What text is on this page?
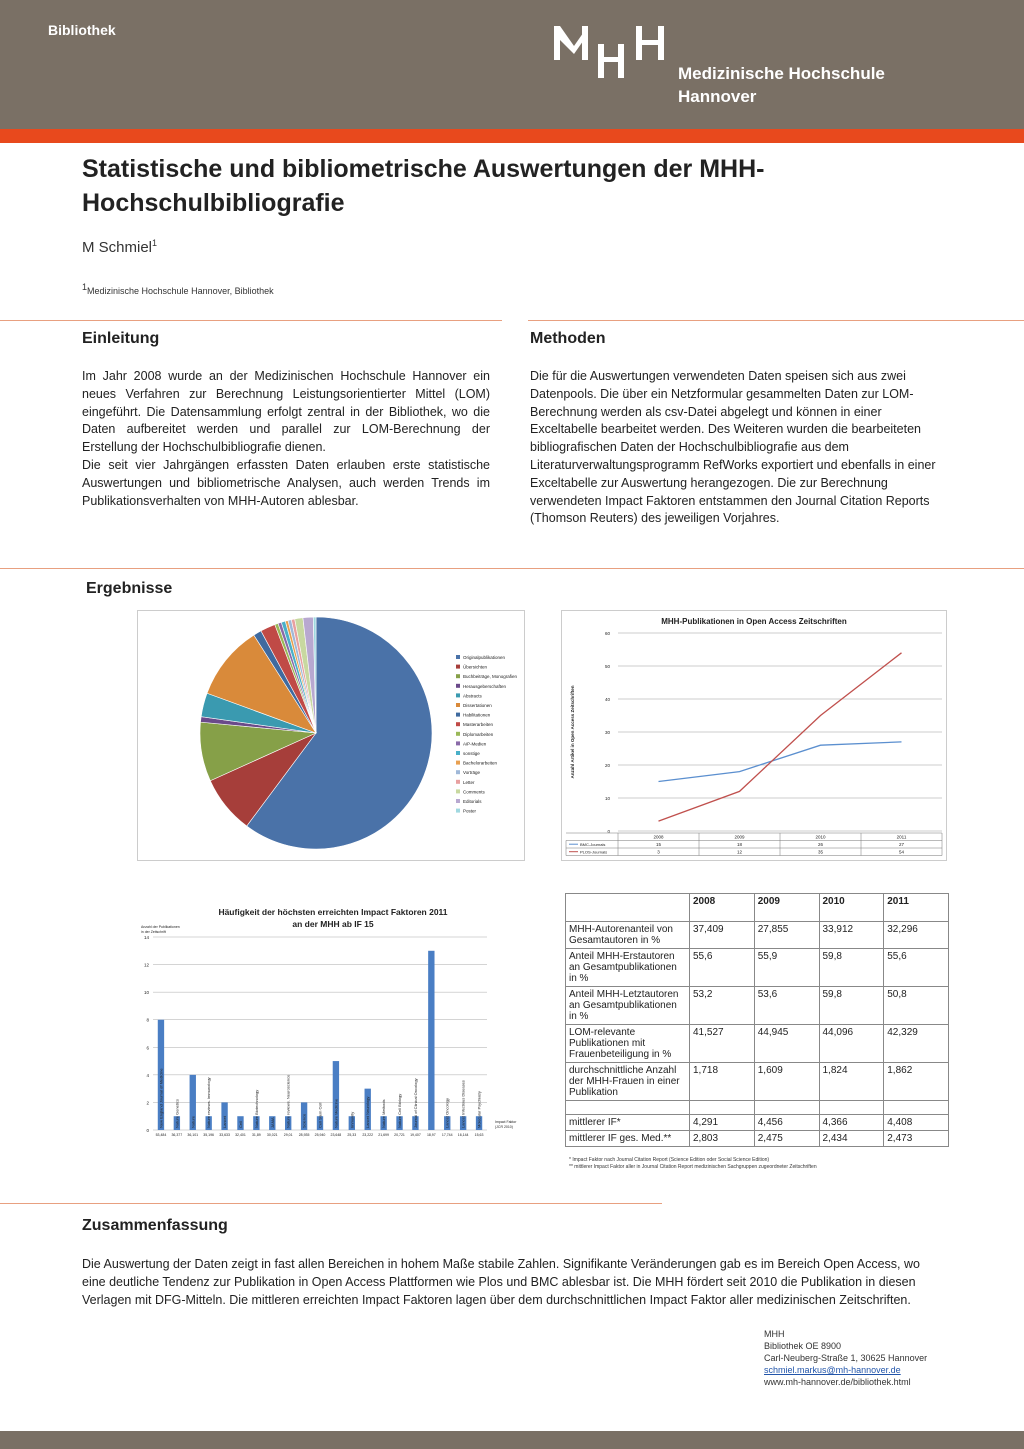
Bibliothek
Medizinische Hochschule
Hannover
Statistische und bibliometrische Auswertungen der MHH-Hochschulbibliografie
M Schmiel$^1$
$^1$Medizinische Hochschule Hannover, Bibliothek
Einleitung
Im Jahr 2008 wurde an der Medizinischen Hochschule Hannover ein neues Verfahren zur Berechnung Leistungsorientierter Mittel (LOM) eingeführt. Die Datensammlung erfolgt zentral in der Bibliothek, wo die Daten aufbereitet werden und parallel zur LOM-Berechnung der Erstellung der Hochschulbibliografie dienen.
Die seit vier Jahrgängen erfassten Daten erlauben erste statistische Auswertungen und bibliometrische Analysen, auch werden Trends im Publikationsverhalten von MHH-Autoren ablesbar.
Methoden
Die für die Auswertungen verwendeten Daten speisen sich aus zwei Datenpools. Die über ein Netzformular gesammelten Daten zur LOM-Berechnung werden als csv-Datei abgelegt und können in einer Exceltabelle bearbeitet werden. Des Weiteren wurden die bearbeiteten bibliografischen Daten der Hochschulbibliografie aus dem Literaturverwaltungsprogramm RefWorks exportiert und ebenfalls in einer Exceltabelle zur Auswertung herangezogen. Die zur Berechnung verwendeten Impact Faktoren entstammen den Journal Citation Reports (Thomson Reuters) des jeweiligen Vorjahres.
Ergebnisse
Originalpublikationen
Übersichten
Buchbeiträge, Monografien
Herausgeberschaften
Abstracts
Dissertationen
Habilitationen
Masterarbeiten
Diplomarbeiten
AiP-Medien
sonstige
Bachelorarbeiten
Vorträge
Letter
Comments
Editorials
Poster
MHH-Publikationen in Open Access Zeitschriften
0
10
20
30
40
50
60
Anzahl Artikel in Open Access Zeitschriften
2008	2009	2010	2011
BMC-Journals	15	18	26	27
PLOS-Journals	3	12	35	54
Häufigkeit der höchsten erreichten Impact Faktoren 2011
an der MHH ab IF 15
Anzahl der Publikationen
in der Zeitschrift
0
2
4
6
8
10
12
14
53,484
New England Journal of Medicine
36,377
Nature Genetics
36,101
Nature
35,196
Nature reviews. Immunology
33,633
Lancet
32,401
Cell
31,89
Nature Biotechnology
30,021
JAMA
29,01
Nature reviews. Neuroscience
28,935
Science
25,940
Cell Stem Cell
23,648
Nature Medicine
25,33
Immunity
23,222
Lancet Neurology
21,699
Nature Methods
20,721
Nature Cell Biology
19,407
Journal of Clinical Oncology
18,97 17,744
Lancet Oncology
16,144
Lancet Infectious Diseases
15,63
Molecular Psychiatry	Impact Faktor
(JCR 2010)
	2008	2009	2010	2011
MHH-Autorenanteil von Gesamtautoren in %	37,409	27,855	33,912	32,296
Anteil MHH-Erstautoren an Gesamtpublikationen in %	55,6	55,9	59,8	55,6
Anteil MHH-Letztautoren an Gesamtpublikationen in %	53,2	53,6	59,8	50,8
LOM-relevante Publikationen mit Frauenbeteiligung in %	41,527	44,945	44,096	42,329
durchschnittliche Anzahl der MHH-Frauen in einer Publikation	1,718	1,609	1,824	1,862

mittlerer IF*	4,291	4,456	4,366	4,408
mittlerer IF ges. Med.**	2,803	2,475	2,434	2,473
* Impact Faktor nach Journal Citation Report (Science Edition oder Social Science Edition)
** mittlerer Impact Faktor aller in Journal Citation Report medizinischen Sachgruppen zugeordneter Zeitschriften
Zusammenfassung
Die Auswertung der Daten zeigt in fast allen Bereichen in hohem Maße stabile Zahlen. Signifikante Veränderungen gab es im Bereich Open Access, wo eine deutliche Tendenz zur Publikation in Open Access Plattformen wie Plos und BMC ablesbar ist. Die MHH fördert seit 2010 die Publikation in diesen Verlagen mit DFG-Mitteln. Die mittleren erreichten Impact Faktoren lagen über dem durchschnittlichen Impact Faktor aller medizinischen Zeitschriften.
MHH
Bibliothek OE 8900
Carl-Neuberg-Straße 1, 30625 Hannover
schmiel.markus@mh-hannover.de
www.mh-hannover.de/bibliothek.html
